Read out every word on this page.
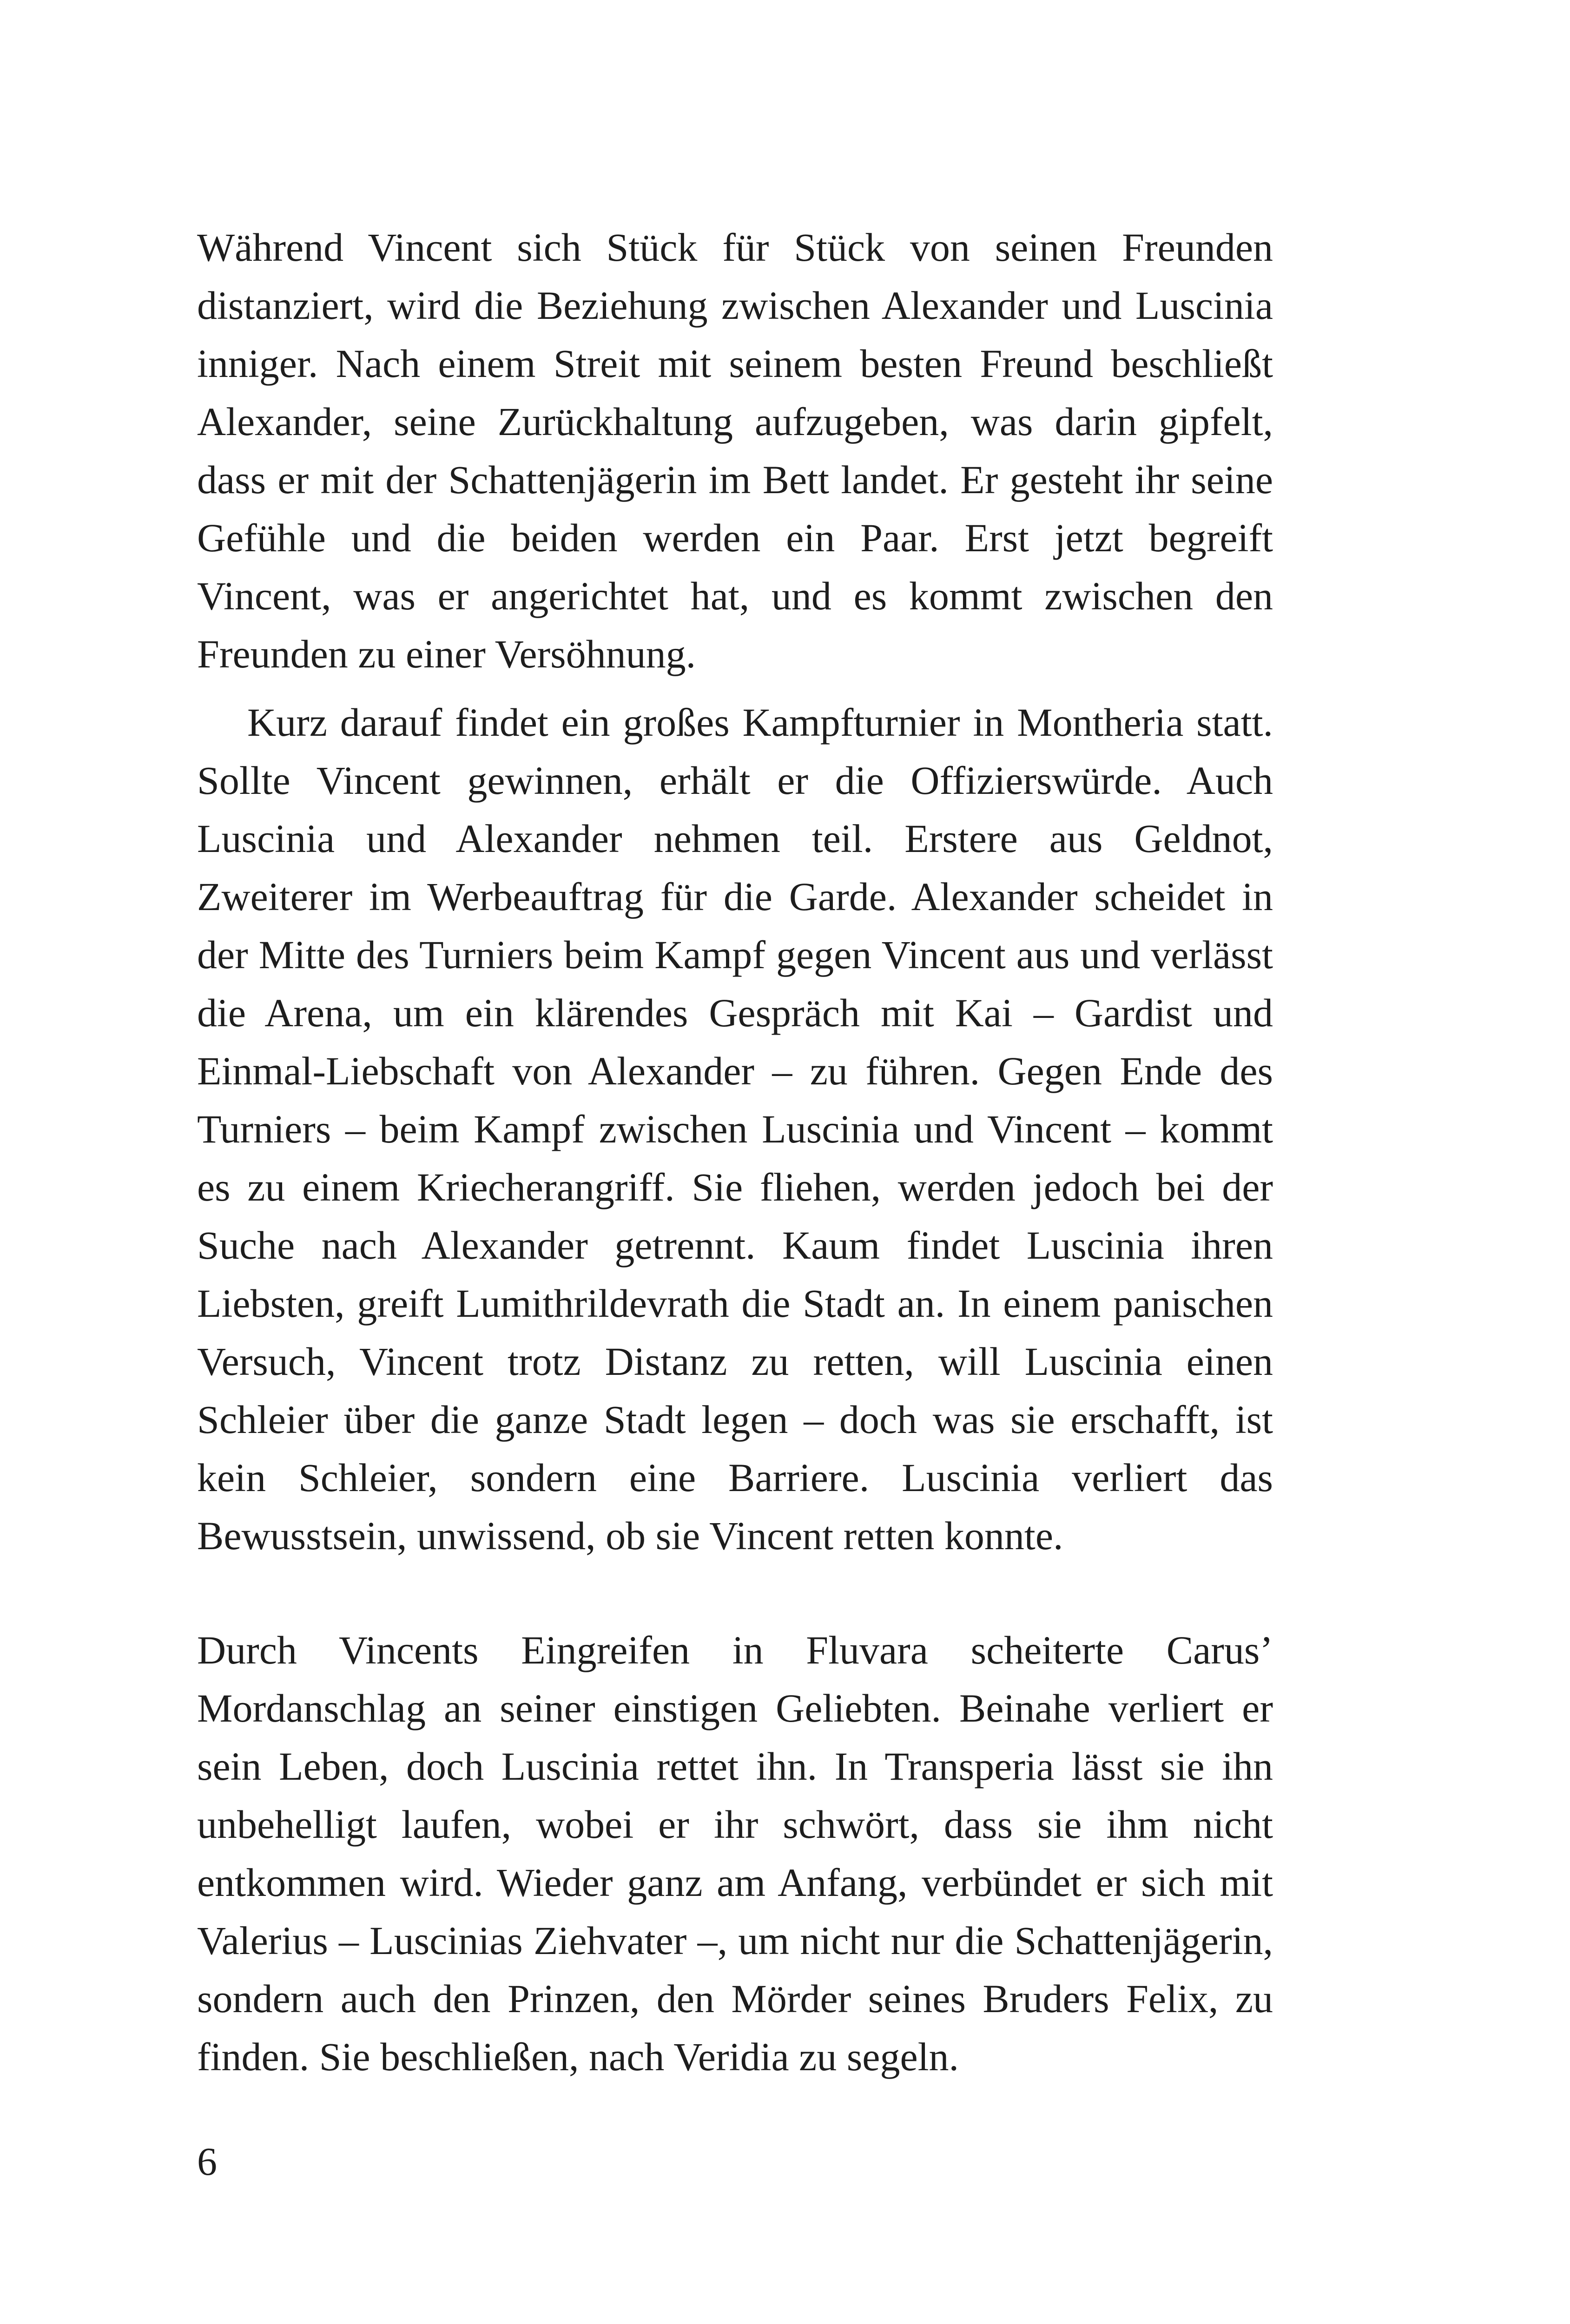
Während Vincent sich Stück für Stück von seinen Freunden distanziert, wird die Beziehung zwischen Alexander und Luscinia inniger. Nach einem Streit mit seinem besten Freund beschließt Alexander, seine Zurückhaltung aufzugeben, was darin gipfelt, dass er mit der Schattenjägerin im Bett landet. Er gesteht ihr seine Gefühle und die beiden werden ein Paar. Erst jetzt begreift Vincent, was er angerichtet hat, und es kommt zwischen den Freunden zu einer Versöhnung.

Kurz darauf findet ein großes Kampfturnier in Montheria statt. Sollte Vincent gewinnen, erhält er die Offizierswürde. Auch Luscinia und Alexander nehmen teil. Erstere aus Geldnot, Zweiterer im Werbeauftrag für die Garde. Alexander scheidet in der Mitte des Turniers beim Kampf gegen Vincent aus und verlässt die Arena, um ein klärendes Gespräch mit Kai – Gardist und Einmal-Liebschaft von Alexander – zu führen. Gegen Ende des Turniers – beim Kampf zwischen Luscinia und Vincent – kommt es zu einem Kriecherangriff. Sie fliehen, werden jedoch bei der Suche nach Alexander getrennt. Kaum findet Luscinia ihren Liebsten, greift Lumithrildevrath die Stadt an. In einem panischen Versuch, Vincent trotz Distanz zu retten, will Luscinia einen Schleier über die ganze Stadt legen – doch was sie erschafft, ist kein Schleier, sondern eine Barriere. Luscinia verliert das Bewusstsein, unwissend, ob sie Vincent retten konnte.

Durch Vincents Eingreifen in Fluvara scheiterte Carus’ Mordanschlag an seiner einstigen Geliebten. Beinahe verliert er sein Leben, doch Luscinia rettet ihn. In Transperia lässt sie ihn unbehelligt laufen, wobei er ihr schwört, dass sie ihm nicht entkommen wird. Wieder ganz am Anfang, verbündet er sich mit Valerius – Luscinias Ziehvater –, um nicht nur die Schattenjägerin, sondern auch den Prinzen, den Mörder seines Bruders Felix, zu finden. Sie beschließen, nach Veridia zu segeln.

6
